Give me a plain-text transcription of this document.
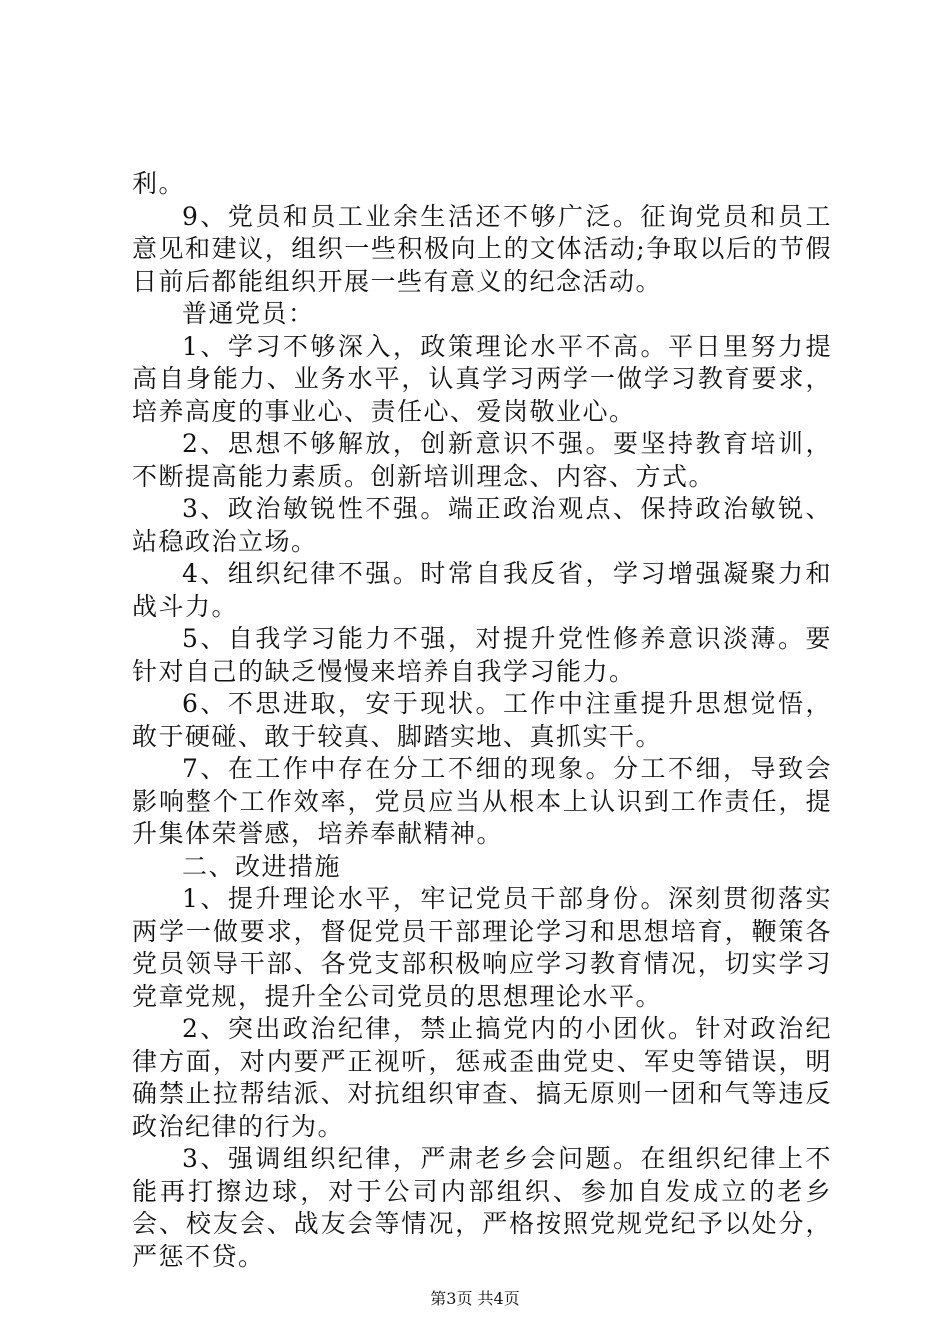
利。

9、党员和员工业余生活还不够广泛。征询党员和员工意见和建议，组织一些积极向上的文体活动;争取以后的节假日前后都能组织开展一些有意义的纪念活动。

普通党员：

1、学习不够深入，政策理论水平不高。平日里努力提高自身能力、业务水平，认真学习两学一做学习教育要求，培养高度的事业心、责任心、爱岗敬业心。

2、思想不够解放，创新意识不强。要坚持教育培训，不断提高能力素质。创新培训理念、内容、方式。

3、政治敏锐性不强。端正政治观点、保持政治敏锐、站稳政治立场。

4、组织纪律不强。时常自我反省，学习增强凝聚力和战斗力。

5、自我学习能力不强，对提升党性修养意识淡薄。要针对自己的缺乏慢慢来培养自我学习能力。

6、不思进取，安于现状。工作中注重提升思想觉悟，敢于硬碰、敢于较真、脚踏实地、真抓实干。

7、在工作中存在分工不细的现象。分工不细，导致会影响整个工作效率，党员应当从根本上认识到工作责任，提升集体荣誉感，培养奉献精神。

二、改进措施

1、提升理论水平，牢记党员干部身份。深刻贯彻落实两学一做要求，督促党员干部理论学习和思想培育，鞭策各党员领导干部、各党支部积极响应学习教育情况，切实学习党章党规，提升全公司党员的思想理论水平。

2、突出政治纪律，禁止搞党内的小团伙。针对政治纪律方面，对内要严正视听，惩戒歪曲党史、军史等错误，明确禁止拉帮结派、对抗组织审查、搞无原则一团和气等违反政治纪律的行为。

3、强调组织纪律，严肃老乡会问题。在组织纪律上不能再打擦边球，对于公司内部组织、参加自发成立的老乡会、校友会、战友会等情况，严格按照党规党纪予以处分，严惩不贷。

第3页 共4页
